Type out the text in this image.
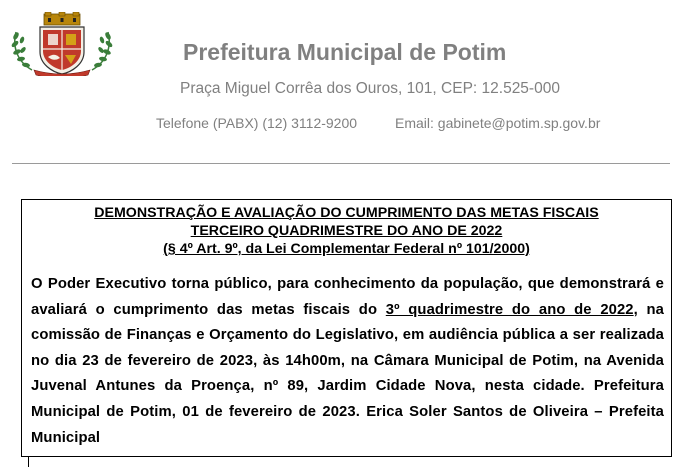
Prefeitura Municipal de Potim
Praça Miguel Corrêa dos Ouros, 101, CEP: 12.525-000
Telefone (PABX) (12) 3112-9200	Email: gabinete@potim.sp.gov.br
DEMONSTRAÇÃO E AVALIAÇÃO DO CUMPRIMENTO DAS METAS FISCAIS
TERCEIRO QUADRIMESTRE DO ANO DE 2022
(§ 4º Art. 9º, da Lei Complementar Federal nº 101/2000)
O Poder Executivo torna público, para conhecimento da população, que demonstrará e avaliará o cumprimento das metas fiscais do 3º quadrimestre do ano de 2022, na comissão de Finanças e Orçamento do Legislativo, em audiência pública a ser realizada no dia 23 de fevereiro de 2023, às 14h00m, na Câmara Municipal de Potim, na Avenida Juvenal Antunes da Proença, nº 89, Jardim Cidade Nova, nesta cidade. Prefeitura Municipal de Potim, 01 de fevereiro de 2023. Erica Soler Santos de Oliveira – Prefeita Municipal
